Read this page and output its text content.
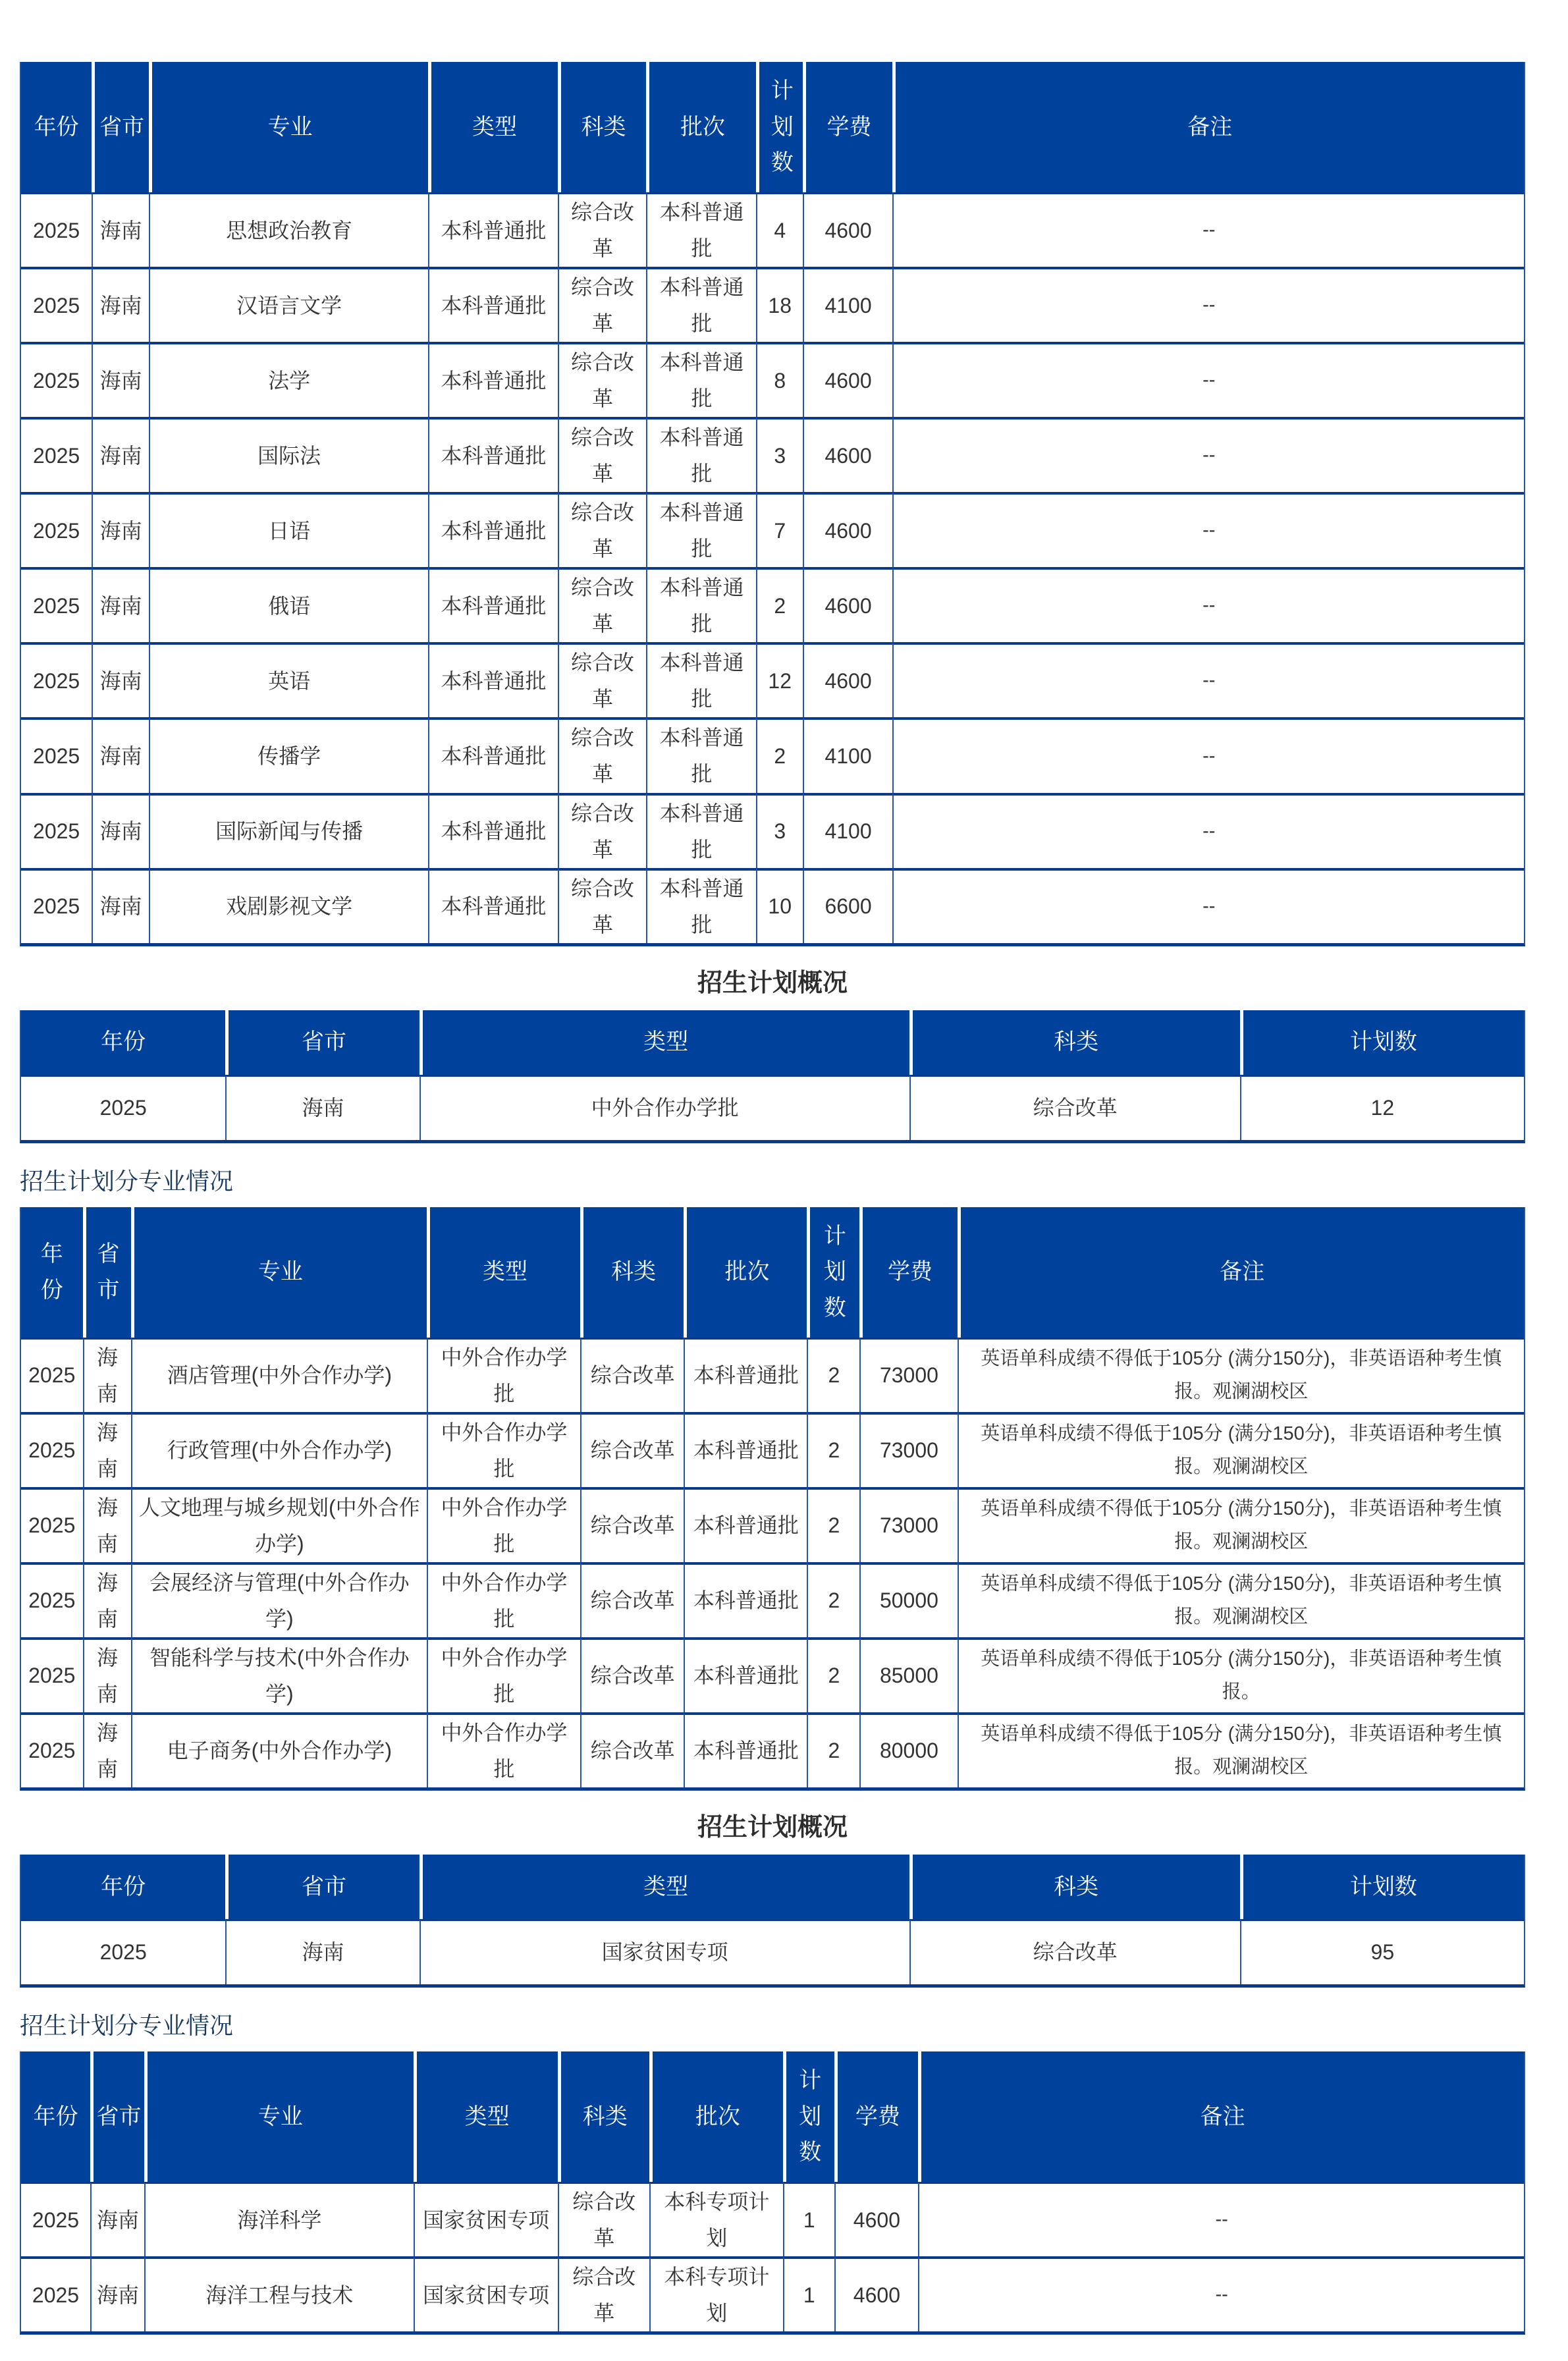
年份	省市	专业	类型	科类	批次	计划数	学费	备注
2025	海南	思想政治教育	本科普通批	综合改革	本科普通批	4	4600	--
2025	海南	汉语言文学	本科普通批	综合改革	本科普通批	18	4100	--
2025	海南	法学	本科普通批	综合改革	本科普通批	8	4600	--
2025	海南	国际法	本科普通批	综合改革	本科普通批	3	4600	--
2025	海南	日语	本科普通批	综合改革	本科普通批	7	4600	--
2025	海南	俄语	本科普通批	综合改革	本科普通批	2	4600	--
2025	海南	英语	本科普通批	综合改革	本科普通批	12	4600	--
2025	海南	传播学	本科普通批	综合改革	本科普通批	2	4100	--
2025	海南	国际新闻与传播	本科普通批	综合改革	本科普通批	3	4100	--
2025	海南	戏剧影视文学	本科普通批	综合改革	本科普通批	10	6600	--
招生计划概况
年份	省市	类型	科类	计划数
2025	海南	中外合作办学批	综合改革	12
招生计划分专业情况
年份	省市	专业	类型	科类	批次	计划数	学费	备注
2025	海南	酒店管理(中外合作办学)	中外合作办学批	综合改革	本科普通批	2	73000	英语单科成绩不得低于105分 (满分150分)，非英语语种考生慎报。观澜湖校区
2025	海南	行政管理(中外合作办学)	中外合作办学批	综合改革	本科普通批	2	73000	英语单科成绩不得低于105分 (满分150分)，非英语语种考生慎报。观澜湖校区
2025	海南	人文地理与城乡规划(中外合作办学)	中外合作办学批	综合改革	本科普通批	2	73000	英语单科成绩不得低于105分 (满分150分)，非英语语种考生慎报。观澜湖校区
2025	海南	会展经济与管理(中外合作办学)	中外合作办学批	综合改革	本科普通批	2	50000	英语单科成绩不得低于105分 (满分150分)，非英语语种考生慎报。观澜湖校区
2025	海南	智能科学与技术(中外合作办学)	中外合作办学批	综合改革	本科普通批	2	85000	英语单科成绩不得低于105分 (满分150分)，非英语语种考生慎报。
2025	海南	电子商务(中外合作办学)	中外合作办学批	综合改革	本科普通批	2	80000	英语单科成绩不得低于105分 (满分150分)，非英语语种考生慎报。观澜湖校区
招生计划概况
年份	省市	类型	科类	计划数
2025	海南	国家贫困专项	综合改革	95
招生计划分专业情况
年份	省市	专业	类型	科类	批次	计划数	学费	备注
2025	海南	海洋科学	国家贫困专项	综合改革	本科专项计划	1	4600	--
2025	海南	海洋工程与技术	国家贫困专项	综合改革	本科专项计划	1	4600	--
